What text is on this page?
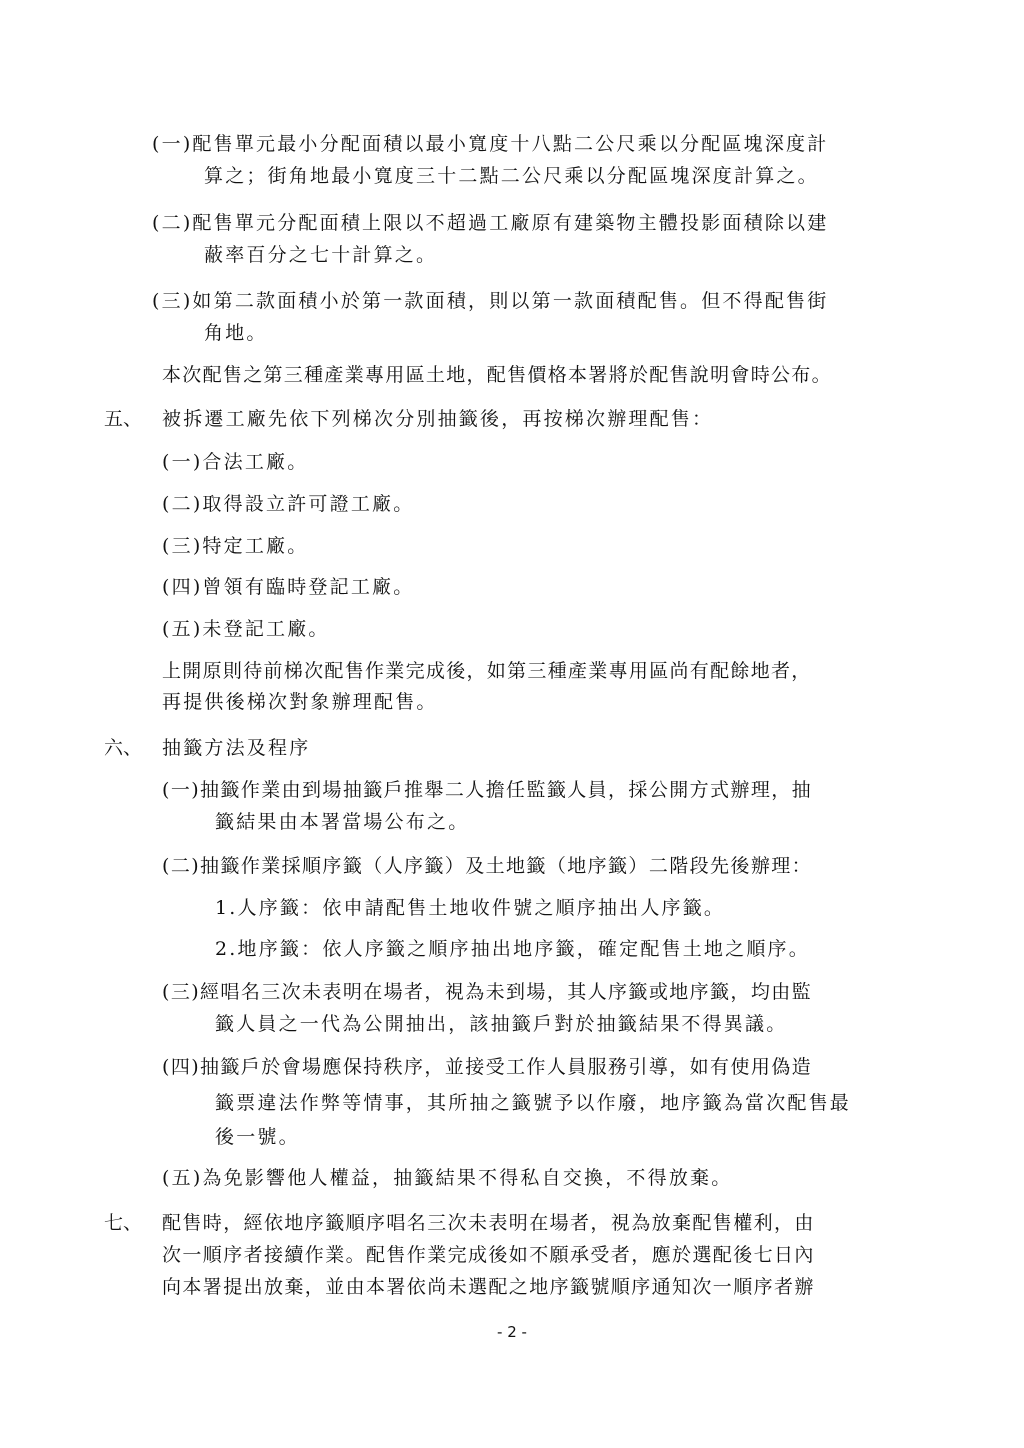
(一)配售單元最小分配面積以最小寬度十八點二公尺乘以分配區塊深度計
算之；街角地最小寬度三十二點二公尺乘以分配區塊深度計算之。
(二)配售單元分配面積上限以不超過工廠原有建築物主體投影面積除以建
蔽率百分之七十計算之。
(三)如第二款面積小於第一款面積，則以第一款面積配售。但不得配售街
角地。
本次配售之第三種產業專用區土地，配售價格本署將於配售說明會時公布。
五、 被拆遷工廠先依下列梯次分別抽籤後，再按梯次辦理配售：
(一)合法工廠。
(二)取得設立許可證工廠。
(三)特定工廠。
(四)曾領有臨時登記工廠。
(五)未登記工廠。
上開原則待前梯次配售作業完成後，如第三種產業專用區尚有配餘地者，
再提供後梯次對象辦理配售。
六、 抽籤方法及程序
(一)抽籤作業由到場抽籤戶推舉二人擔任監籤人員，採公開方式辦理，抽
籤結果由本署當場公布之。
(二)抽籤作業採順序籤（人序籤）及土地籤（地序籤）二階段先後辦理：
1.人序籤：依申請配售土地收件號之順序抽出人序籤。
2.地序籤：依人序籤之順序抽出地序籤，確定配售土地之順序。
(三)經唱名三次未表明在場者，視為未到場，其人序籤或地序籤，均由監
籤人員之一代為公開抽出，該抽籤戶對於抽籤結果不得異議。
(四)抽籤戶於會場應保持秩序，並接受工作人員服務引導，如有使用偽造
籤票違法作弊等情事，其所抽之籤號予以作廢，地序籤為當次配售最
後一號。
(五)為免影響他人權益，抽籤結果不得私自交換，不得放棄。
七、 配售時，經依地序籤順序唱名三次未表明在場者，視為放棄配售權利，由
次一順序者接續作業。配售作業完成後如不願承受者，應於選配後七日內
向本署提出放棄，並由本署依尚未選配之地序籤號順序通知次一順序者辦
- 2 -
